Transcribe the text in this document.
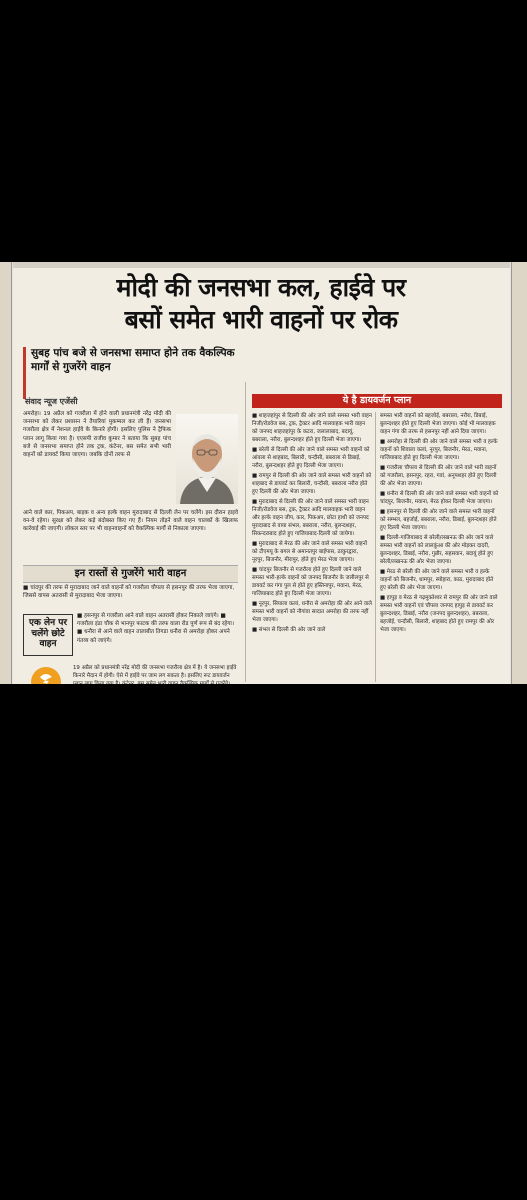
मोदी की जनसभा कल, हाईवे पर
बसों समेत भारी वाहनों पर रोक
सुबह पांच बजे से जनसभा समाप्त होने तक वैकल्पिक मार्गों से गुजरेंगे वाहन
संवाद न्यूज एजेंसी
अमरोहा। 19 अप्रैल को गजरौला में होने वाली प्रधानमंत्री नरेंद्र मोदी की जनसभा को लेकर प्रशासन ने तैयारियां मुकम्मल कर ली हैं। जनसभा गजरौला क्षेत्र में नेशनल हाईवे के किनारे होगी। इसलिए पुलिस ने ट्रैफिक प्लान लागू किया गया है। एएसपी राजीव कुमार ने बताया कि सुबह पांच बजे से जनसभा समाप्त होने तक ट्रक, कंटेनर, बस समेत सभी भारी वाहनों को डायवर्ट किया जाएगा। जबकि दोनों तरफ से
आने वाले कार, पिकअप, बाइक व अन्य हल्के वाहन मुरादाबाद से दिल्ली लेन पर चलेंगे। इस दौरान हाइवे वन-वे रहेगा। सुरक्षा को लेकर कड़े बंदोबस्त किए गए हैं। नियम तोड़ने वाले वाहन चालकों के खिलाफ कार्रवाई की जाएगी। लोकल स्तर पर भी वाहनवाहनों को वैकल्पिक मार्गों से निकाला जाएगा।
इन रास्तों से गुजरेंगे भारी वाहन
■ चांदपुर की तरफ से मुरादाबाद जाने वाले वाहनों को गजरौला चौपला से हसनपुर की तरफ भेजा जाएगा, जिससे वापस अतरासी से मुरादाबाद भेजा जाएगा।
एक लेन पर चलेंगे छोटे वाहन
■ हसनपुर से गजरौला आने वाले वाहन अतरासी होकर निकाले जाएंगे। ■ गजरौला इंडा चौक से भानपुर फाटक की तरफ वाला रोड पूर्ण रूप से बंद रहेगा। ■ धनौरा से आने वाले वाहन तालाबीत तिगडा धनौरा से अमरोहा होकर अपने गंतव्य को जाएंगे।
19 अप्रैल को प्रधानमंत्री नरेंद्र मोदी की जनसभा गजरौला क्षेत्र में है। ये जनसभा हाईवे किनारे मैदान में होगी। ऐसे में हाईवे पर जाम लग सकता है। इसलिए रूट डायवर्जन
ये है डायवर्जन प्लान

■ शाहजहांपुर से दिल्ली की ओर जाने वाले समस्त भारी वाहन निजी/रोडवेज बस, ट्रक, ट्रैक्टर आदि मालवाहक भारी वाहन को जनपद शाहजहांपुर के कटरा, जलालाबाद, बदायूं, बबराला, नरौरा, बुलन्दशहर होते हुए दिल्ली भेजा जाएगा।

■ बरेली से दिल्ली की ओर जाने वाले समस्त भारी वाहनों को आंवला से शाहबाद, बिलारी, चन्दौसी, बबराला से डिबाई, नरौरा, बुलन्दशहर होते हुए दिल्ली भेजा जाएगा।

■ रामपुर से दिल्ली की ओर जाने वाले समस्त भारी वाहनों को शाहबाद से डायवर्ट कर बिलारी, चन्दौसी, बबराला नरौरा होते हुए दिल्ली की ओर भेजा जाएगा।

■ मुरादाबाद से दिल्ली की ओर जाने वाले समस्त भारी वाहन निजी/रोडवेज बस, ट्रक, ट्रैक्टर आदि मालवाहक भारी वाहन और हल्के वाहन जीप, कार, पिकअप, छोटा हाथी को जनपद मुरादाबाद से वाया संभल, बबराला, नरौरा, बुलन्दशहर, सिकन्दराबाद होते हुए गाजियाबाद-दिल्ली को जायेगा।

■ मुरादाबाद से मेरठ की ओर जाने वाले समस्त भारी वाहनों को टीएमयू के बगल से अमानतपुर बाईपास, ठाकुरद्वारा, नूरपुर, बिजनौर, मीरापुर, होते हुए मेरठ भेजा जाएगा।

■ चांदपुर बिजनौर से गजरौला होते हुए दिल्ली जाने वाले समस्त भारी-हल्के वाहनों को जनपद बिजनौर के जलीलपुर से डायवर्ट कर गंगा पुल से होते हुए हस्तिनापुर, मवाना, मेरठ, गाजियाबाद होते हुए दिल्ली भेजा जाएगा।

■ नूरपुर, सियाला कलां, धनौरा से अमरोहा की ओर आने वाले समस्त भारी वाहनों को नौगांवा सादात अमरोहा की तरफ नहीं भेजा जाएगा।

■ संभल से दिल्ली की ओर जाने वाले

समस्त भारी वाहनों को बहजोई, बबराला, नरौरा, डिबाई, बुलन्दशहर होते हुए दिल्ली भेजा जाएगा। कोई भी मालवाहक वाहन गंगा की तरफ से हसनपुर नहीं आने दिया जाएगा।

■ अमरोहा से दिल्ली की ओर जाने वाले समस्त भारी व हल्के वाहनों को शिवाला कलां, नूरपुर, बिजनौर, मेरठ, मवाना, गाजियाबाद होते हुए दिल्ली भेजा जाएगा।

■ गजरौला चौपला से दिल्ली की ओर जाने वाले भारी वाहनों को गजरौला, हसनपुर, रहरा, गवां, अनूपशहर होते हुए दिल्ली की ओर भेजा जाएगा।

■ धनौरा से दिल्ली की ओर जाने वाले समस्त भारी वाहनों को चांदपुर, बिजनौर, मवाना, मेरठ होकर दिल्ली भेजा जाएगा।

■ हसनपुर से दिल्ली की ओर जाने वाले समस्त भारी वाहनों को सम्भल, बहजोई, बबराला, नरौरा, डिबाई, बुलन्दशहर होते हुए दिल्ली भेजा जाएगा।

■ दिल्ली-गाजियाबाद से बरेली/लखनऊ की ओर जाने वाले समस्त भारी वाहनों को लालकुंआ की ओर मोड़कर दादरी, बुलन्दशहर, डिबाई, नरौरा, गुन्नौर, सहसवान, बदायूं होते हुए बरेली/लखनऊ की ओर भेजा जाएगा।

■ मेरठ से बरेली की ओर जाने वाले समस्त भारी व हल्के वाहनों को बिजनौर, धामपुर, स्योहारा, काठ, मुरादाबाद होते हुए बरेली की ओर भेजा जाएगा।

■ हापुड़ व मेरठ से गढ़मुक्तेश्वर से रामपुर की ओर जाने वाले समस्त भारी वाहनों एवं चौपला जनपद हापुड़ से डायवर्ट कर बुलन्दशहर, डिबाई, नरौरा (जनपद बुलन्दशहर), बबराला, बहजोई, चन्दौसी, बिलारी, शाहबाद होते हुए रामपुर की ओर भेजा जाएगा।
